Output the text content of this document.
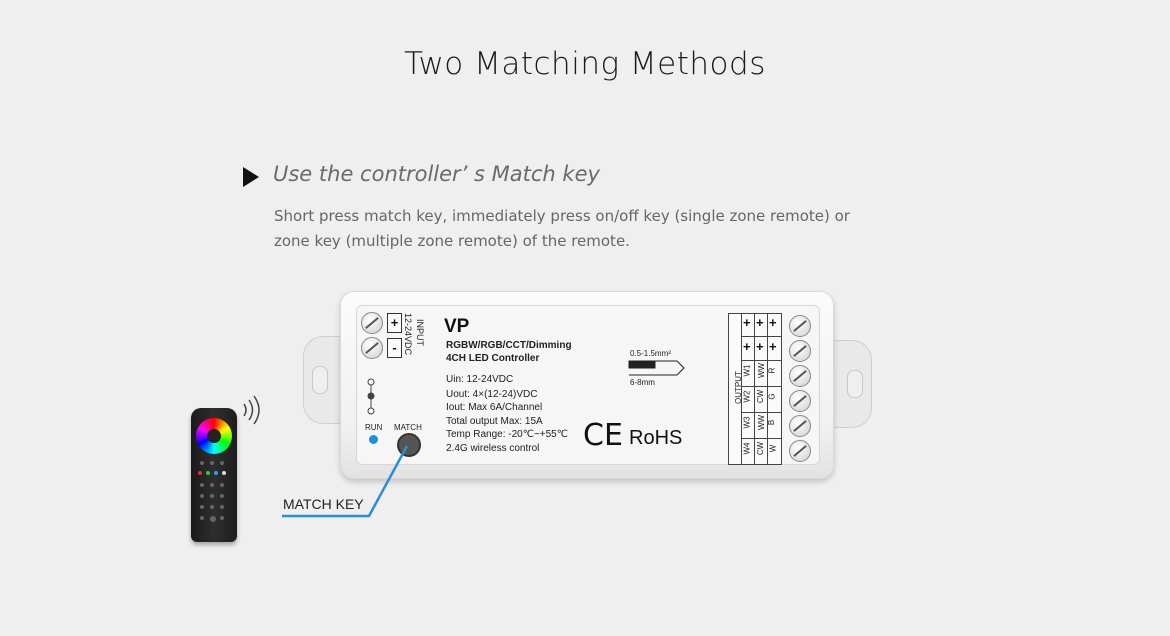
Two Matching Methods
Use the controller’ s Match key
Short press match key, immediately press on/off key (single zone remote) or
zone key (multiple zone remote) of the remote.
+
-
INPUT
12-24VDC VP
RGBW/RGB/CCT/Dimming
4CH LED Controller
Uin: 12-24VDC
Uout: 4×(12-24)VDC
Iout: Max 6A/Channel
Total output Max: 15A
Temp Range: -20℃~+55℃
2.4G wireless control
0.5-1.5mm²
6-8mm
CE RoHS
RUN MATCH
+ + +
+ + +
OUTPUT
W1
W2
W3
W4
WW
CW
WW
CW
R
G
B
W
MATCH KEY
